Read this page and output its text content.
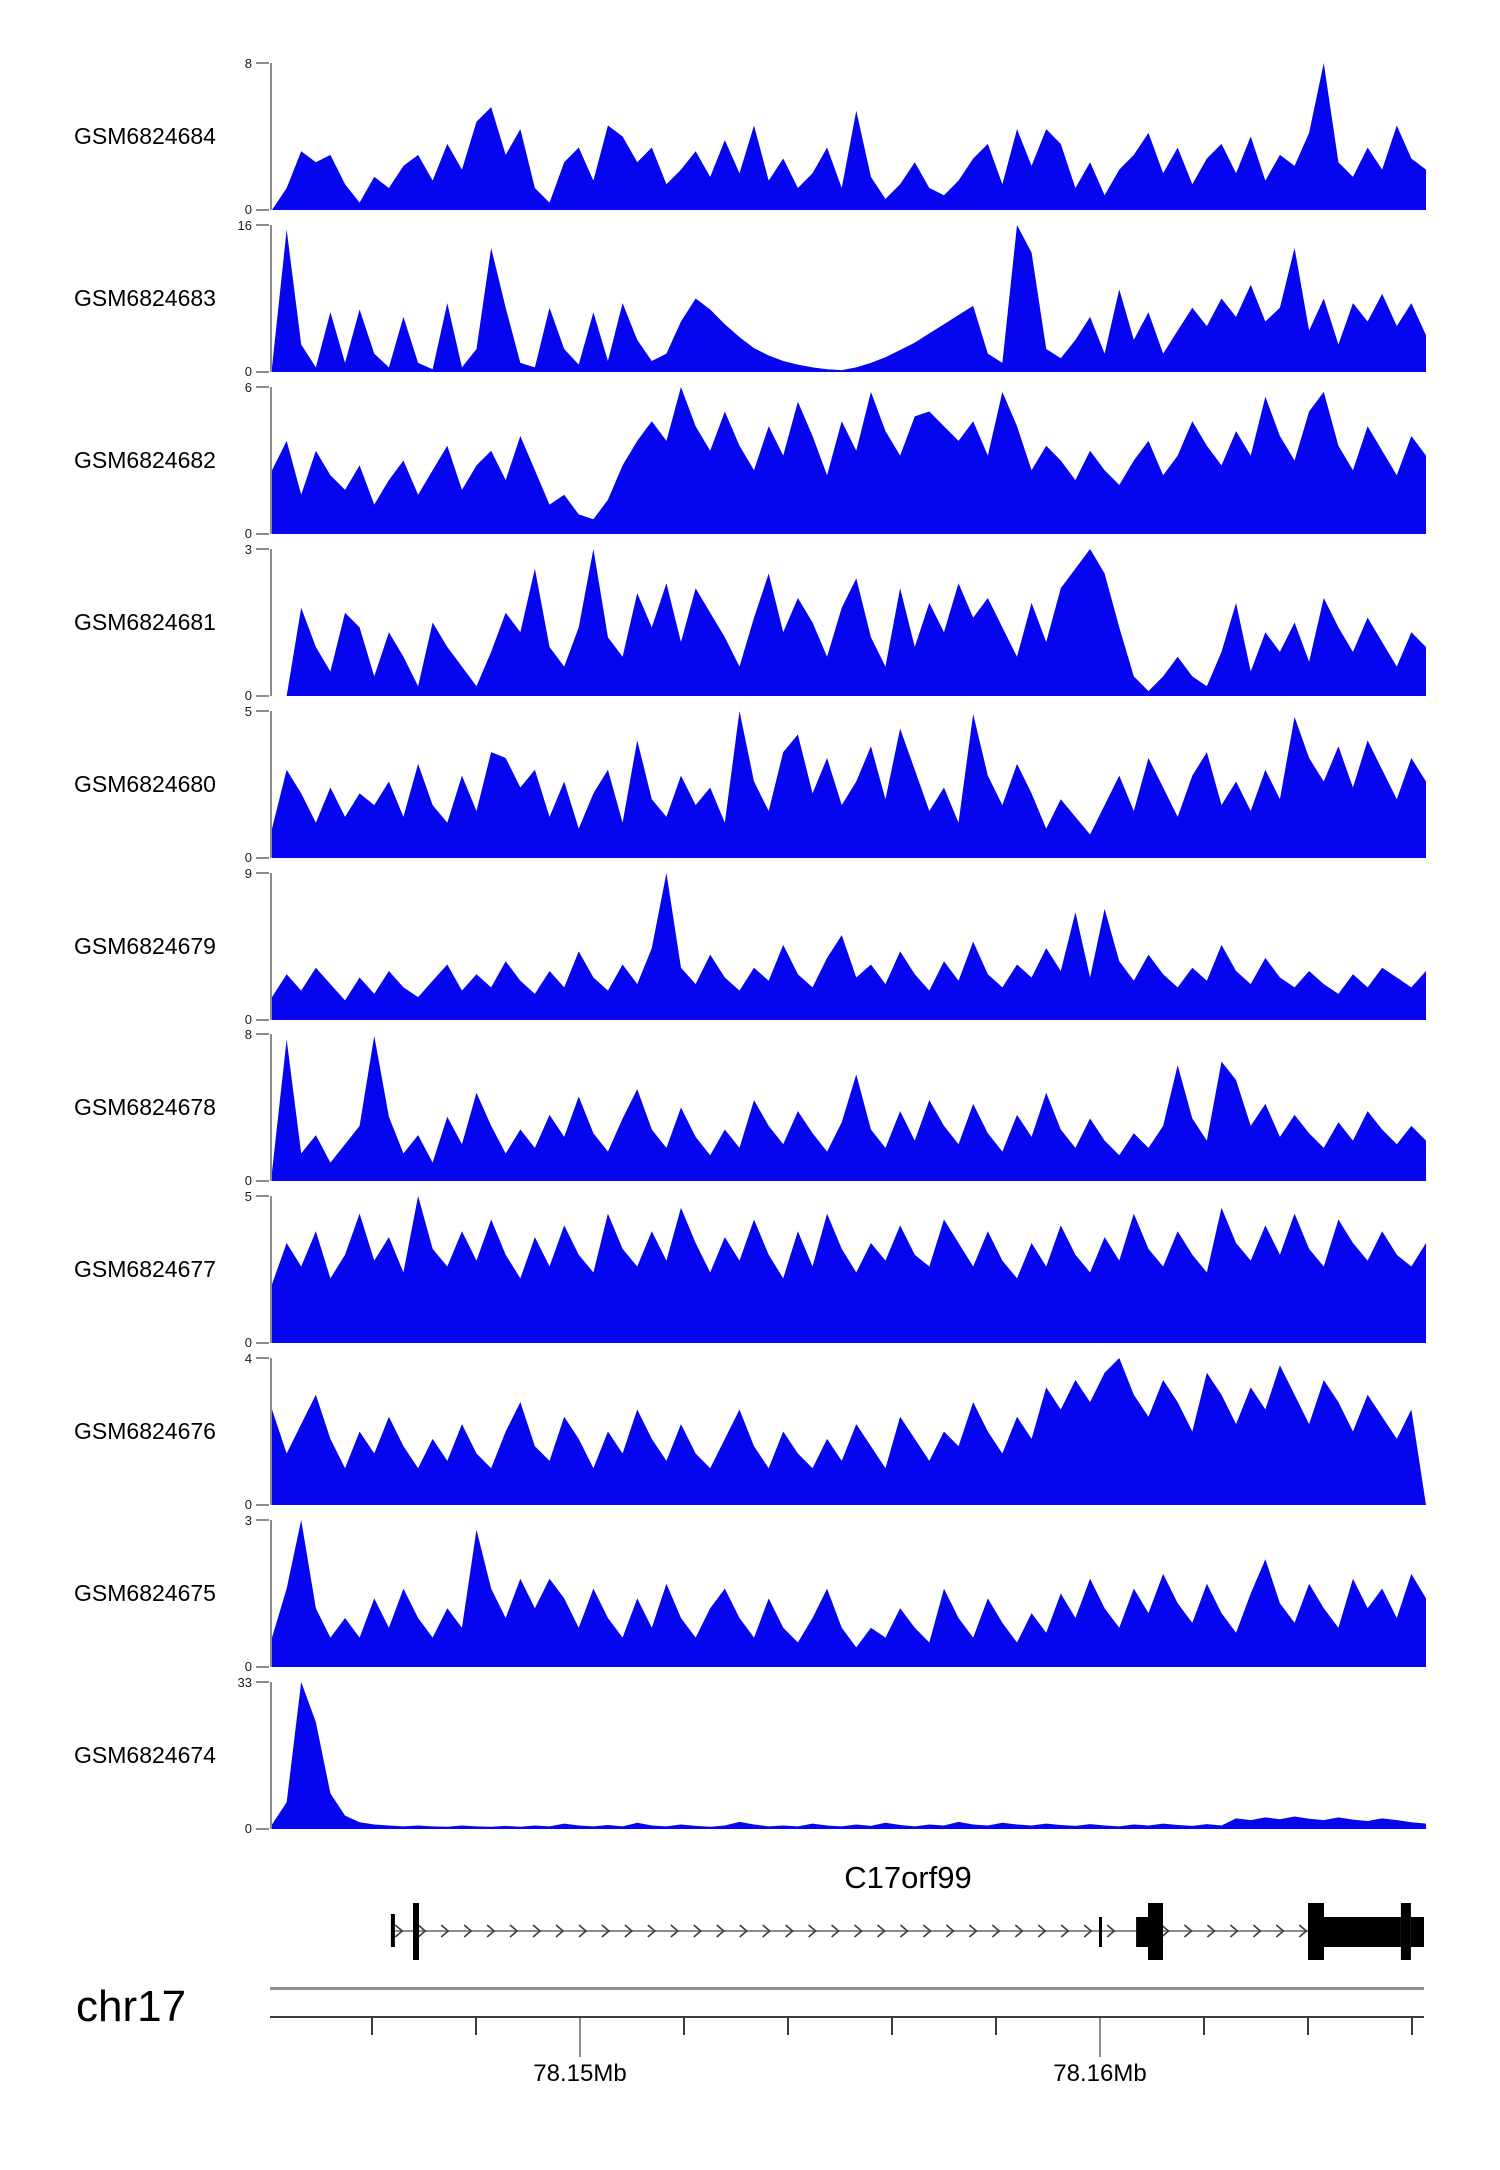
GSM6824684
8
0
GSM6824683
16
0
GSM6824682
6
0
GSM6824681
3
0
GSM6824680
5
0
GSM6824679
9
0
GSM6824678
8
0
GSM6824677
5
0
GSM6824676
4
0
GSM6824675
3
0
GSM6824674
33
0
C17orf99
chr17
78.15Mb	78.16Mb
